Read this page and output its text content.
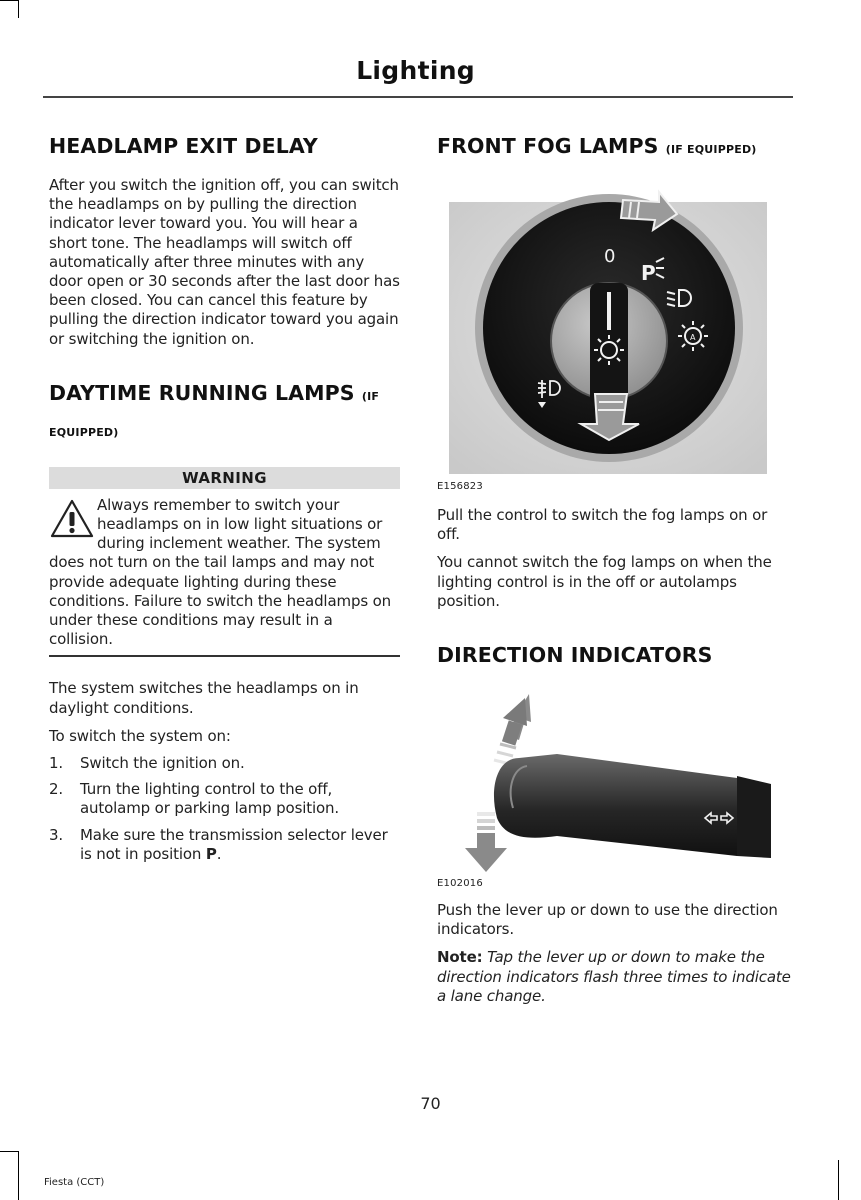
Lighting
HEADLAMP EXIT DELAY

After you switch the ignition off, you can switch the headlamps on by pulling the direction indicator lever toward you. You will hear a short tone. The headlamps will switch off automatically after three minutes with any door open or 30 seconds after the last door has been closed. You can cancel this feature by pulling the direction indicator toward you again or switching the ignition on.

DAYTIME RUNNING LAMPS (IF EQUIPPED)
WARNING
Always remember to switch your headlamps on in low light situations or during inclement weather. The system does not turn on the tail lamps and may not provide adequate lighting during these conditions. Failure to switch the headlamps on under these conditions may result in a collision.

The system switches the headlamps on in daylight conditions.

To switch the system on:

1. Switch the ignition on.
2. Turn the lighting control to the off, autolamp or parking lamp position.
3. Make sure the transmission selector lever is not in position P.
FRONT FOG LAMPS (IF EQUIPPED)
0
P
A
E156823

Pull the control to switch the fog lamps on or off.

You cannot switch the fog lamps on when the lighting control is in the off or autolamps position.

DIRECTION INDICATORS
E102016

Push the lever up or down to use the direction indicators.

Note: Tap the lever up or down to make the direction indicators flash three times to indicate a lane change.

70
Fiesta (CCT)
